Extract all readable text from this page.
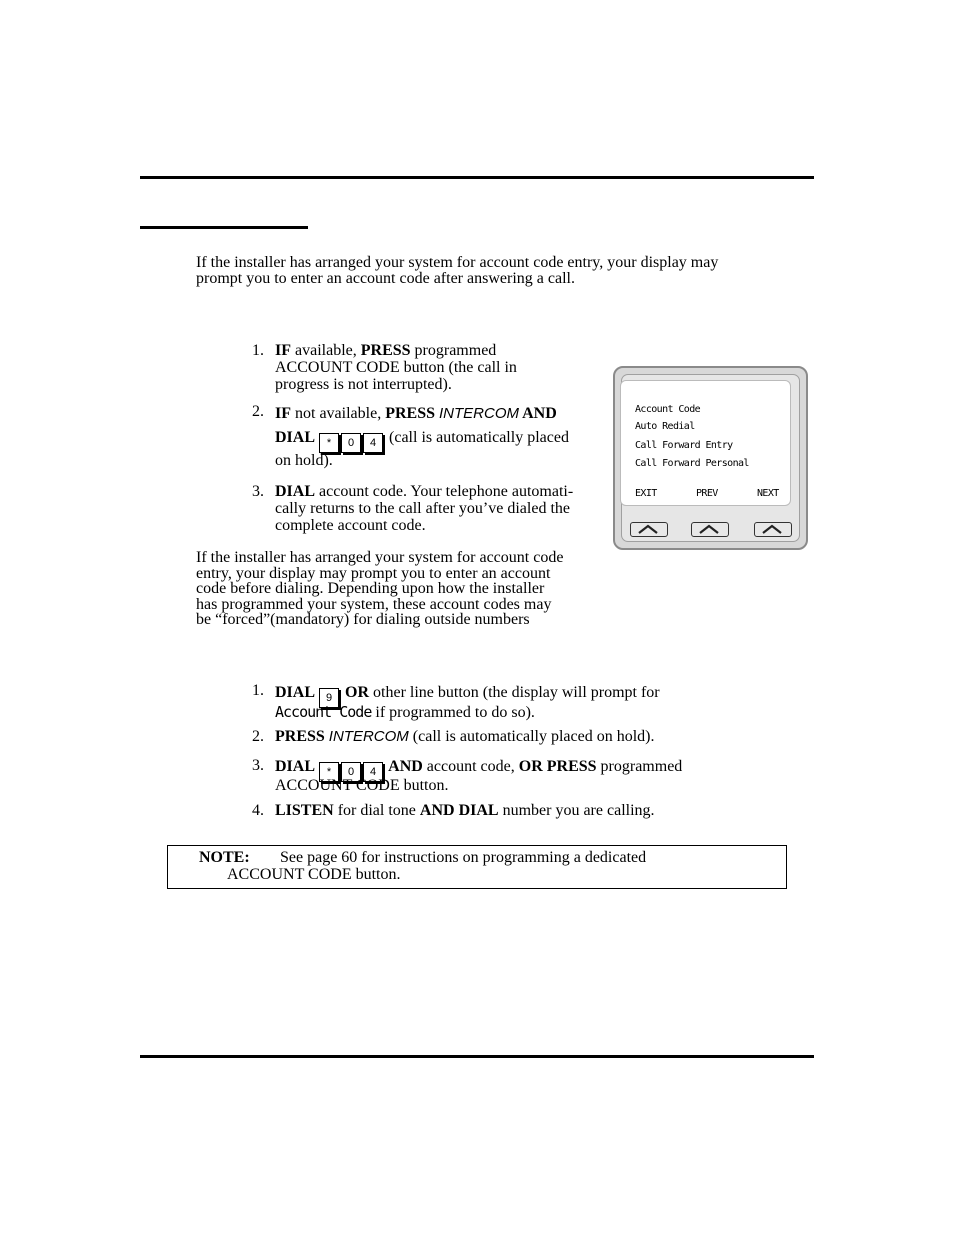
If the installer has arranged your system for account code entry, your display may
prompt you to enter an account code after answering a call.

1. IF available, PRESS programmed
ACCOUNT CODE button (the call in
progress is not interrupted).
2. IF not available, PRESS INTERCOM AND
DIAL * 0 4 (call is automatically placed
on hold).
3. DIAL account code. Your telephone automati-
cally returns to the call after you’ve dialed the
complete account code.

If the installer has arranged your system for account code
entry, your display may prompt you to enter an account
code before dialing. Depending upon how the installer
has programmed your system, these account codes may
be “forced”(mandatory) for dialing outside numbers

Account Code
Auto Redial
Call Forward Entry
Call Forward Personal
EXIT	PREV	NEXT
1. DIAL 9 OR other line button (the display will prompt for
Account Code if programmed to do so).
2. PRESS INTERCOM (call is automatically placed on hold).
3. DIAL * 0 4 AND account code, OR PRESS programmed
ACCOUNT CODE button.
4. LISTEN for dial tone AND DIAL number you are calling.
NOTE: See page 60 for instructions on programming a dedicated
ACCOUNT CODE button.
